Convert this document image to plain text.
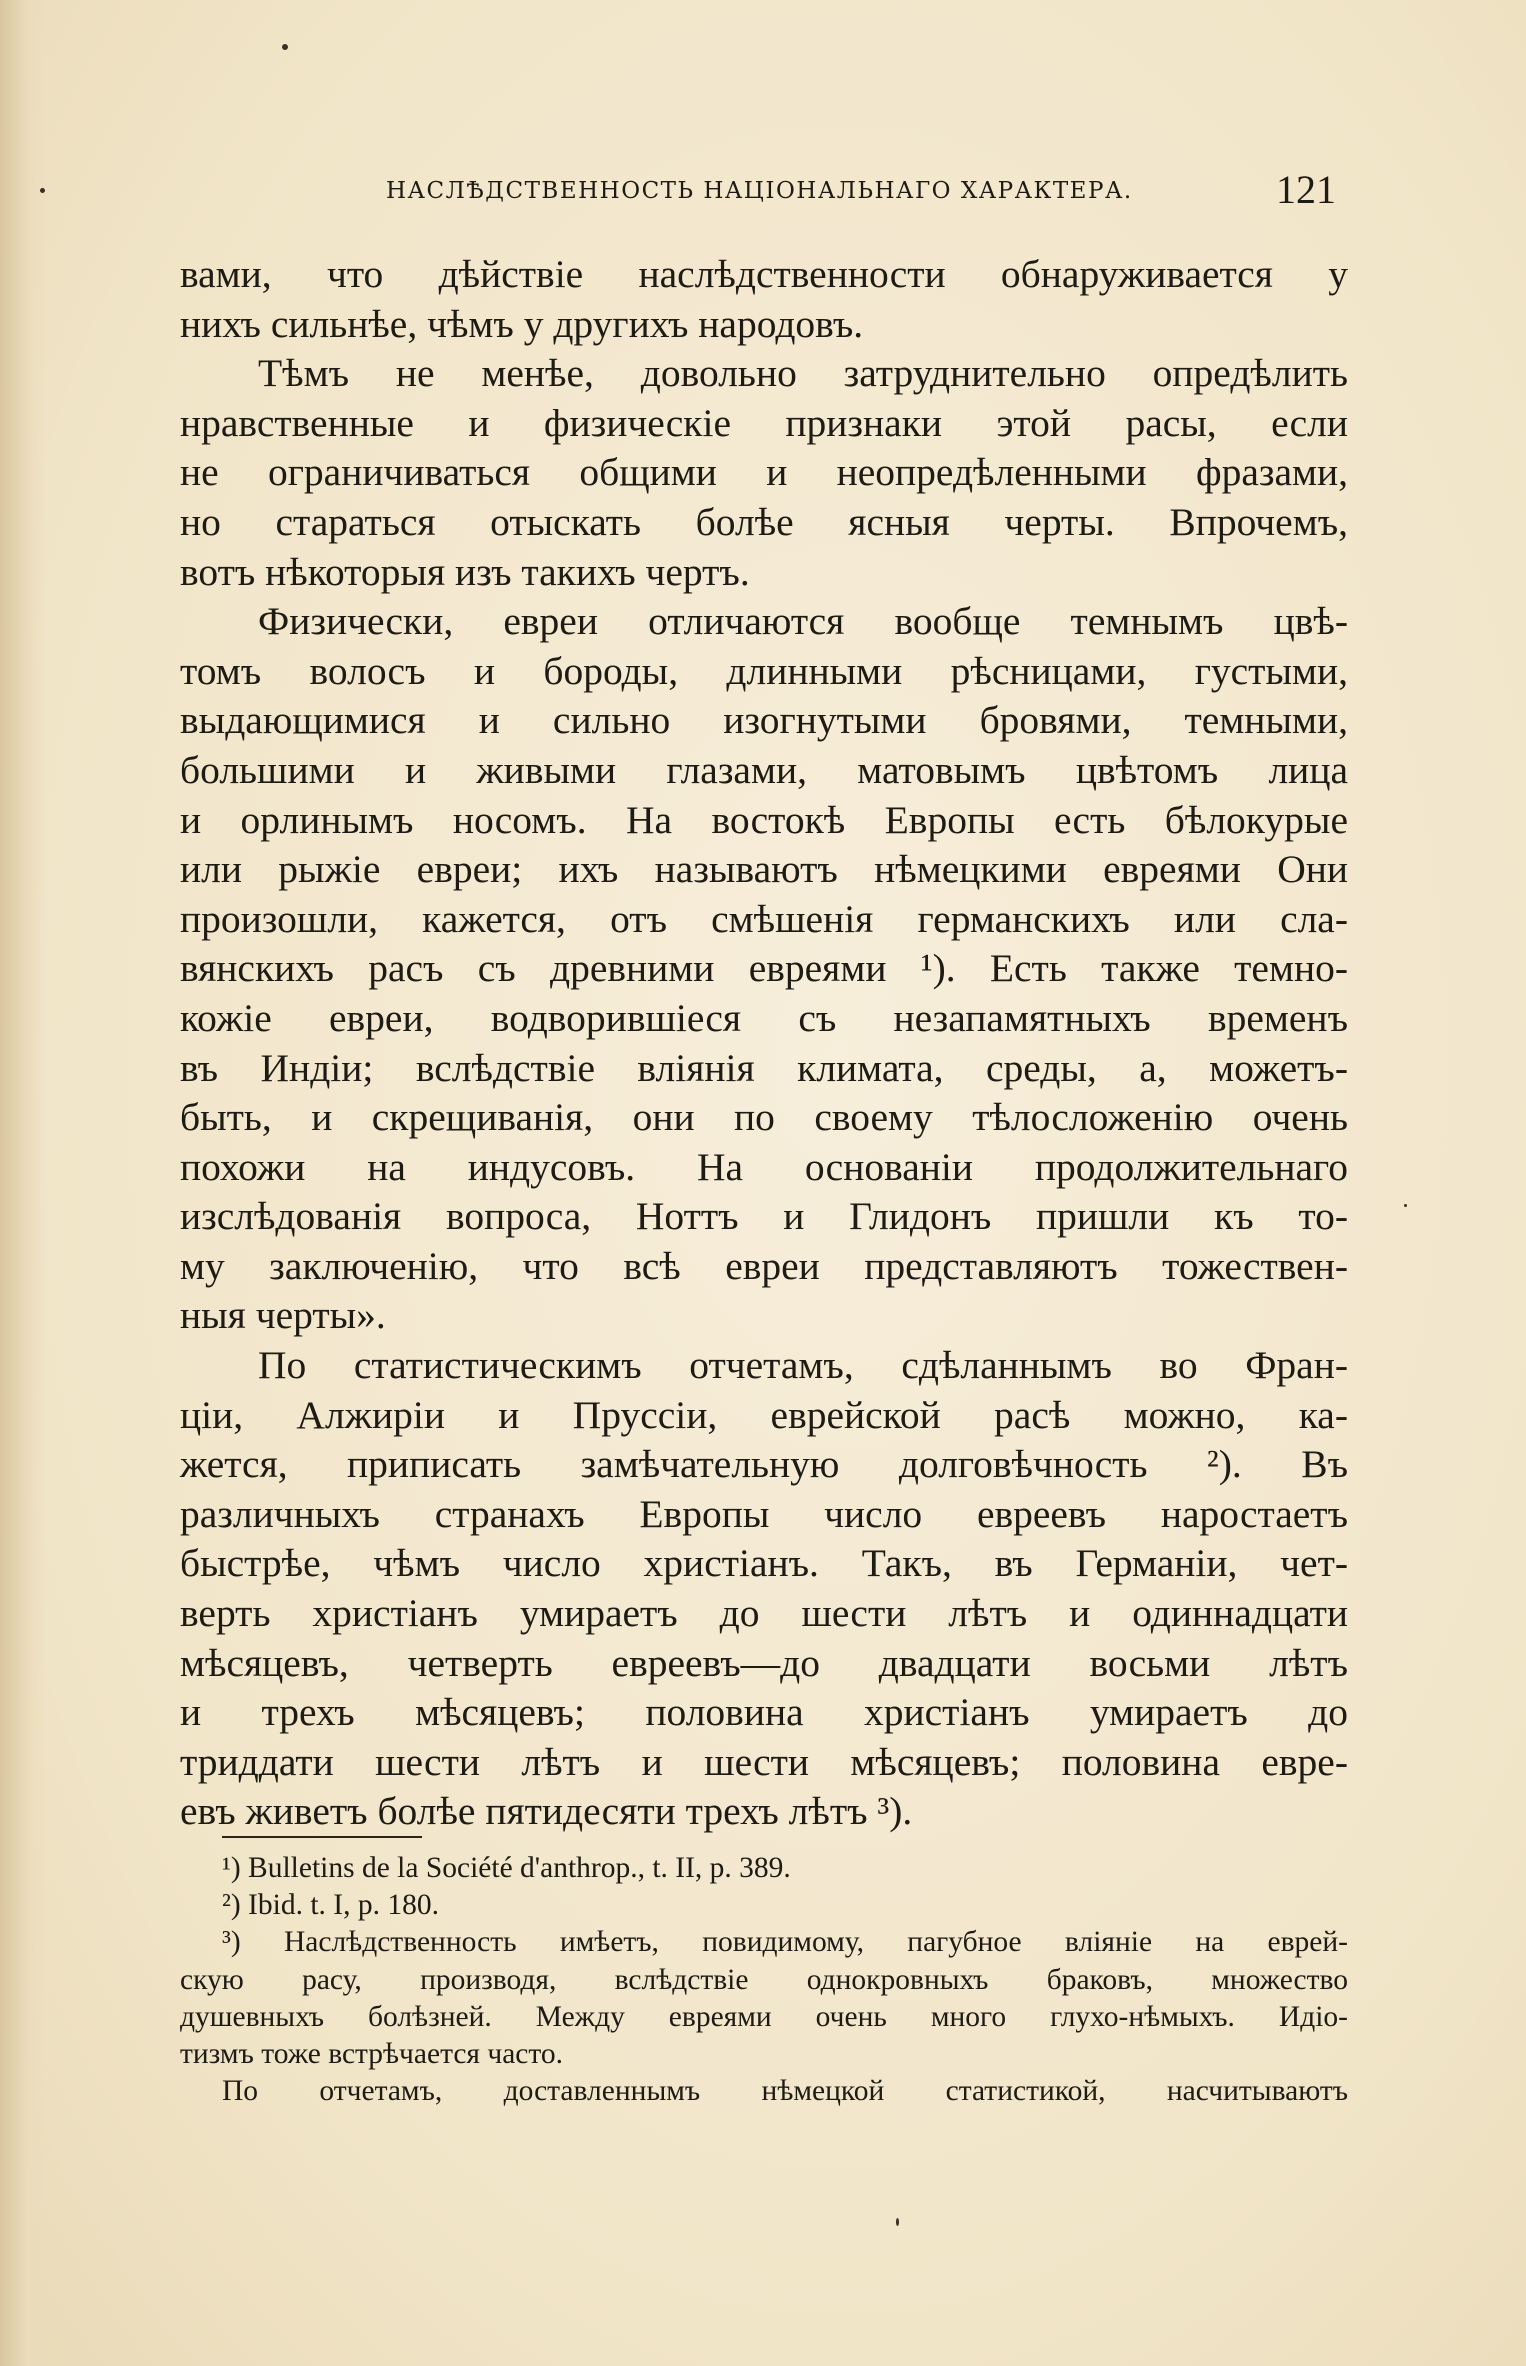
НАСЛѢДСТВЕННОСТЬ НАЦІОНАЛЬНАГО ХАРАКТЕРА.	121
вами, что дѣйствіе наслѣдственности обнаруживается у
нихъ сильнѣе, чѣмъ у другихъ народовъ.
Тѣмъ не менѣе, довольно затруднительно опредѣлить
нравственные и физическіе признаки этой расы, если
не ограничиваться общими и неопредѣленными фразами,
но стараться отыскать болѣе ясныя черты. Впрочемъ,
вотъ нѣкоторыя изъ такихъ чертъ.
Физически, евреи отличаются вообще темнымъ цвѣ-
томъ волосъ и бороды, длинными рѣсницами, густыми,
выдающимися и сильно изогнутыми бровями, темными,
большими и живыми глазами, матовымъ цвѣтомъ лица
и орлинымъ носомъ. На востокѣ Европы есть бѣлокурые
или рыжіе евреи; ихъ называютъ нѣмецкими евреями Они
произошли, кажется, отъ смѣшенія германскихъ или сла-
вянскихъ расъ съ древними евреями ¹). Есть также темно-
кожіе евреи, водворившіеся съ незапамятныхъ временъ
въ Индіи; вслѣдствіе вліянія климата, среды, а, можетъ-
быть, и скрещиванія, они по своему тѣлосложенію очень
похожи на индусовъ. На основаніи продолжительнаго
изслѣдованія вопроса, Ноттъ и Глидонъ пришли къ то-
му заключенію, что всѣ евреи представляютъ тожествен-
ныя черты».
По статистическимъ отчетамъ, сдѣланнымъ во Фран-
ціи, Алжиріи и Пруссіи, еврейской расѣ можно, ка-
жется, приписать замѣчательную долговѣчность ²). Въ
различныхъ странахъ Европы число евреевъ наростаетъ
быстрѣе, чѣмъ число христіанъ. Такъ, въ Германіи, чет-
верть христіанъ умираетъ до шести лѣтъ и одиннадцати
мѣсяцевъ, четверть евреевъ—до двадцати восьми лѣтъ
и трехъ мѣсяцевъ; половина христіанъ умираетъ до
триддати шести лѣтъ и шести мѣсяцевъ; половина евре-
евъ живетъ болѣе пятидесяти трехъ лѣтъ ³).
¹) Bulletins de la Société d'anthrop., t. II, p. 389.
²) Ibid. t. I, p. 180.
³) Наслѣдственность имѣетъ, повидимому, пагубное вліяніе на еврей-
скую расу, производя, вслѣдствіе однокровныхъ браковъ, множество
душевныхъ болѣзней. Между евреями очень много глухо-нѣмыхъ. Идіо-
тизмъ тоже встрѣчается часто.
По отчетамъ, доставленнымъ нѣмецкой статистикой, насчитываютъ
